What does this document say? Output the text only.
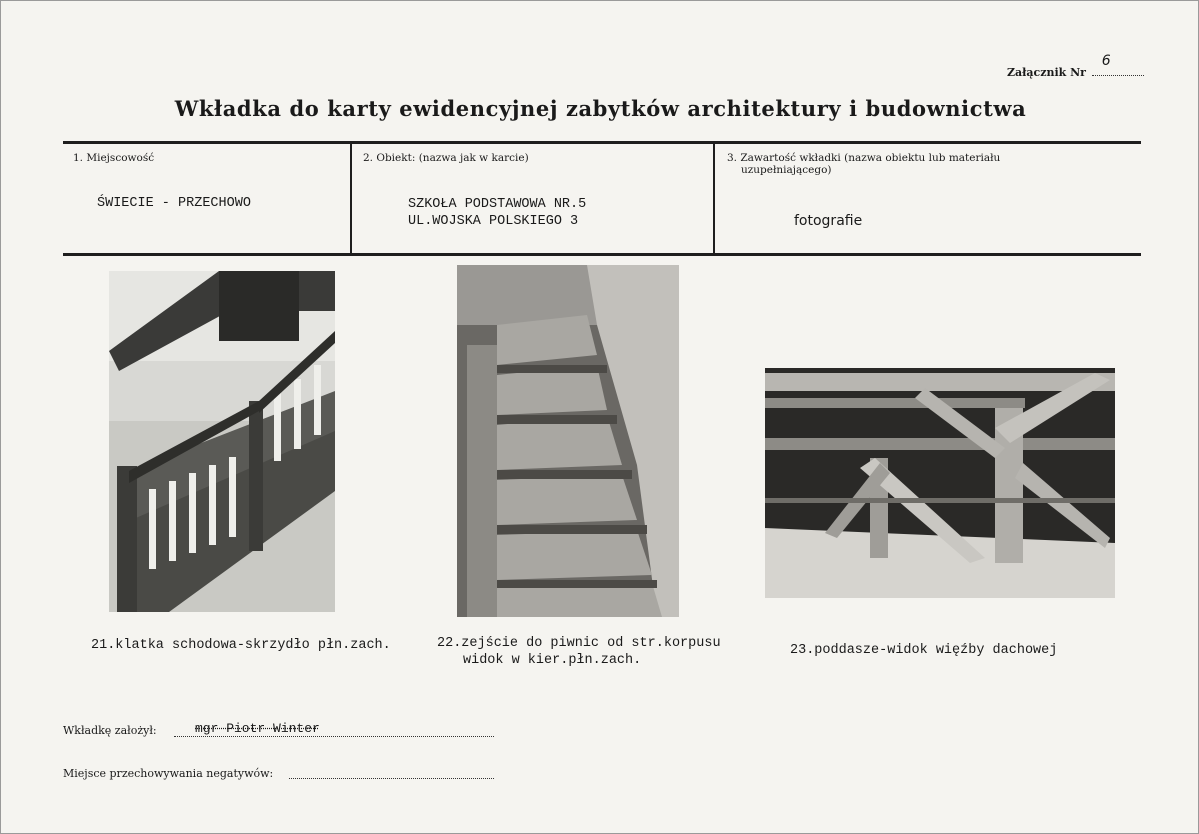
Załącznik Nr
6
Wkładka do karty ewidencyjnej zabytków architektury i budownictwa
1. Miejscowość
ŚWIECIE - PRZECHOWO
2. Obiekt: (nazwa jak w karcie)
SZKOŁA PODSTAWOWA NR.5
UL.WOJSKA POLSKIEGO 3
3. Zawartość wkładki (nazwa obiektu lub materiału
uzupełniającego)
fotografie
21.klatka schodowa-skrzydło płn.zach.	22.zejście do piwnic od str.korpusu
widok w kier.płn.zach.
23.poddasze-widok więźby dachowej
Wkładkę założył:	mgr Piotr Winter
Miejsce przechowywania negatywów:
